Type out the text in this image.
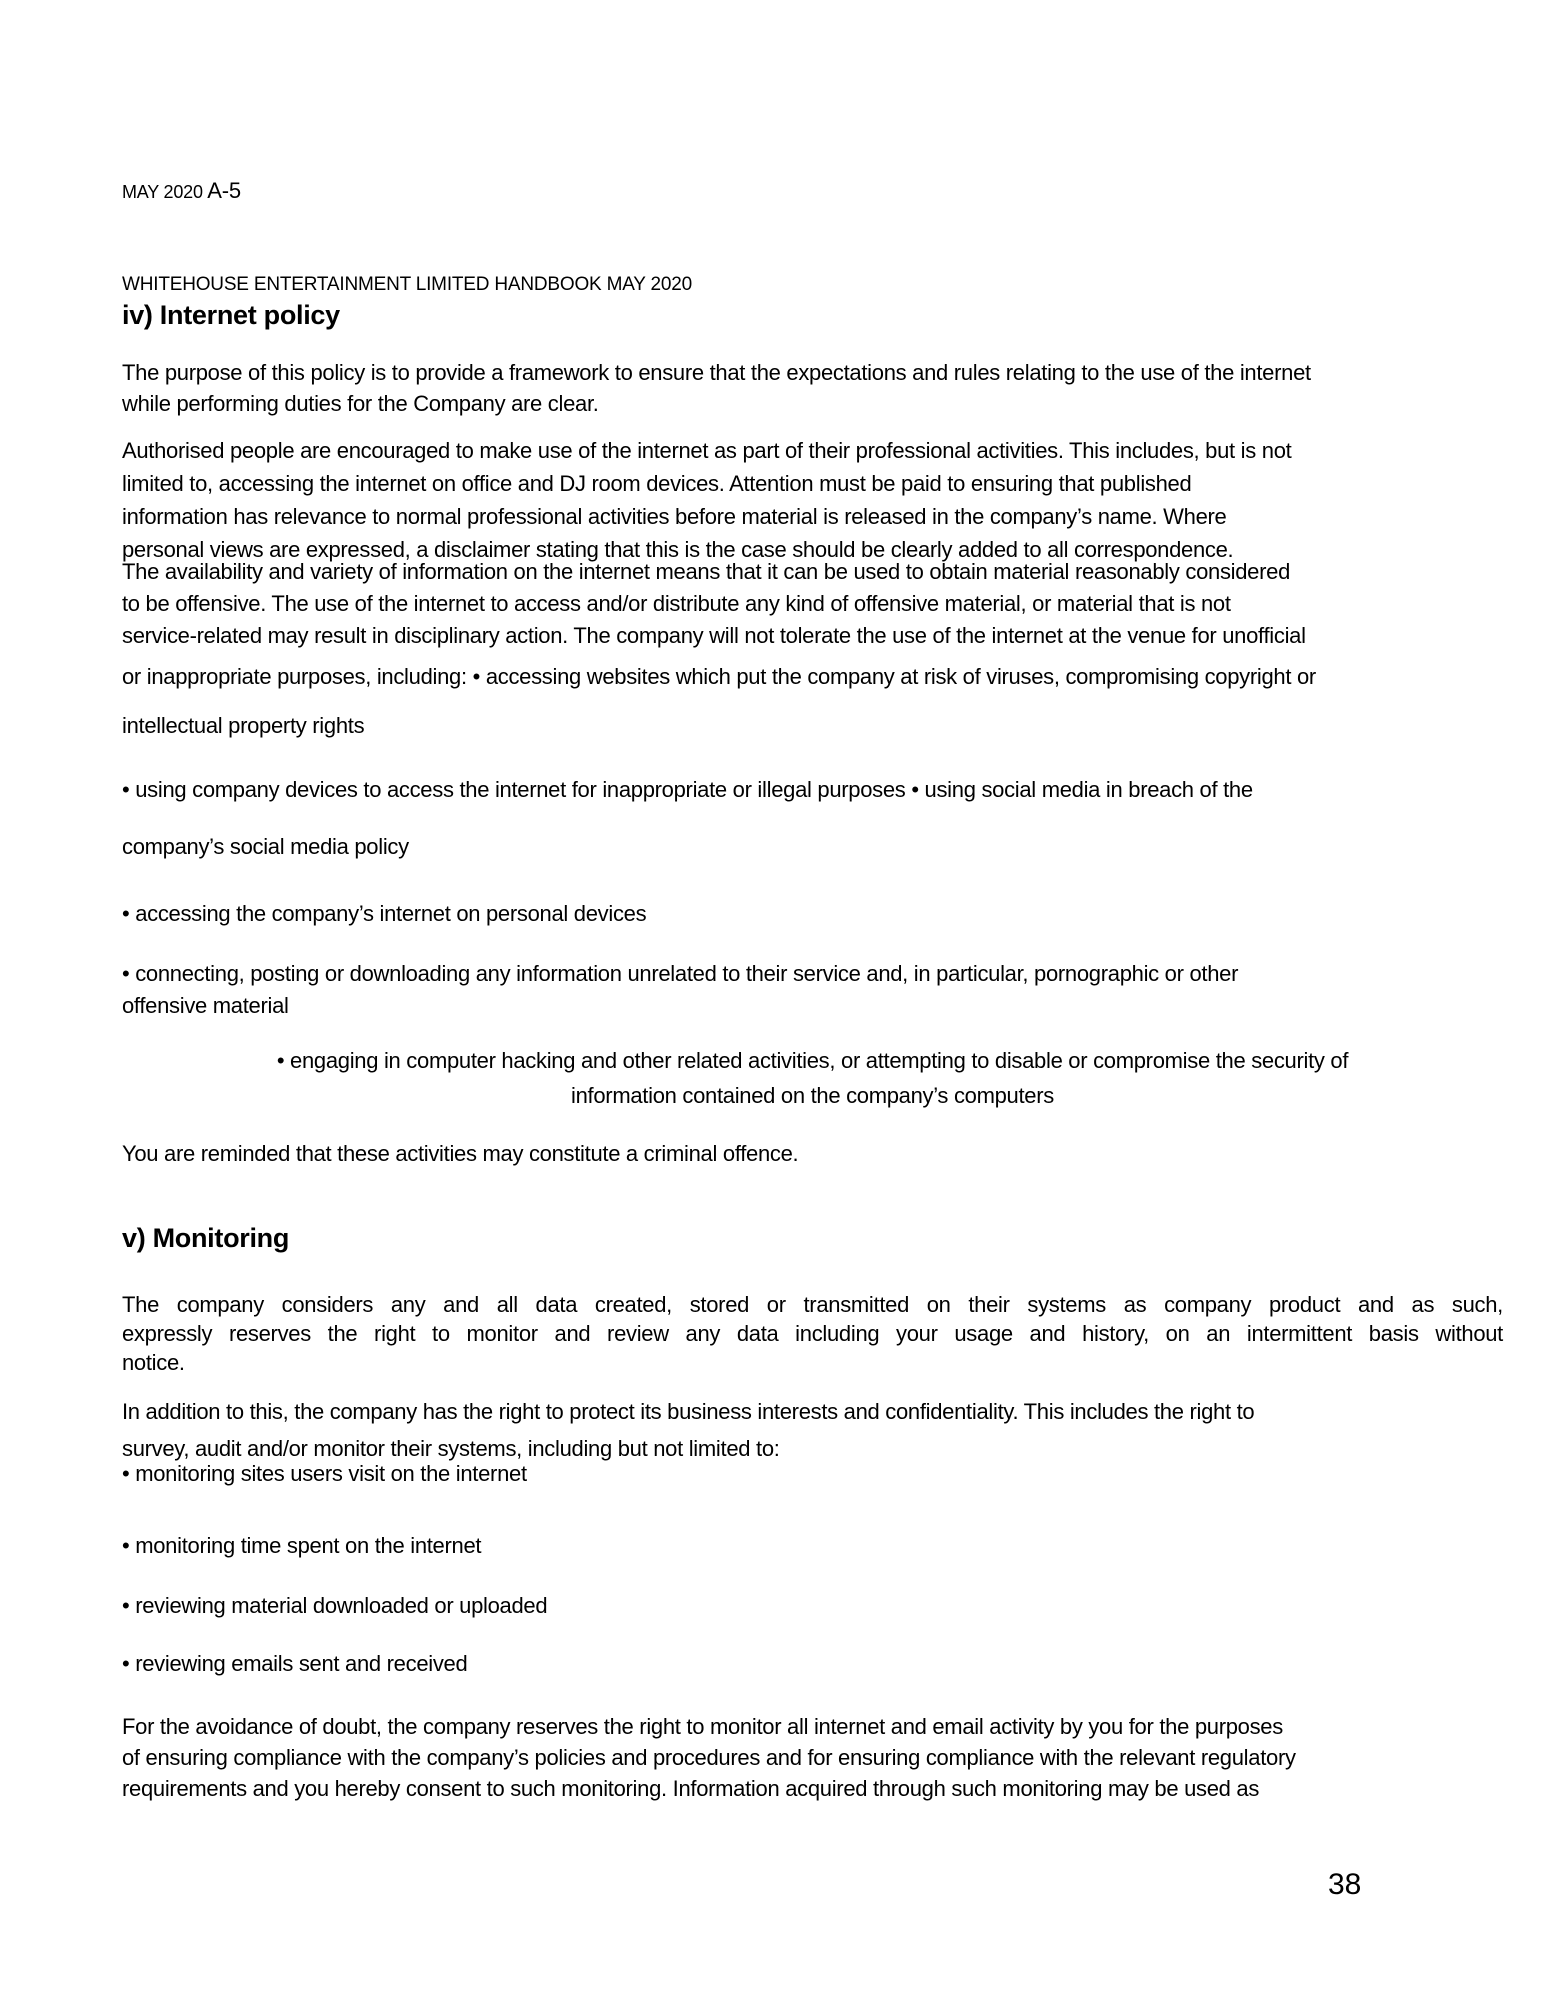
MAY 2020 A-5
WHITEHOUSE ENTERTAINMENT LIMITED HANDBOOK MAY 2020
iv) Internet policy
The purpose of this policy is to provide a framework to ensure that the expectations and rules relating to the use of the internet
while performing duties for the Company are clear.
Authorised people are encouraged to make use of the internet as part of their professional activities. This includes, but is not
limited to, accessing the internet on office and DJ room devices. Attention must be paid to ensuring that published
information has relevance to normal professional activities before material is released in the company’s name. Where
personal views are expressed, a disclaimer stating that this is the case should be clearly added to all correspondence.
The availability and variety of information on the internet means that it can be used to obtain material reasonably considered
to be offensive. The use of the internet to access and/or distribute any kind of offensive material, or material that is not
service-related may result in disciplinary action. The company will not tolerate the use of the internet at the venue for unofficial
or inappropriate purposes, including: • accessing websites which put the company at risk of viruses, compromising copyright or
intellectual property rights
• using company devices to access the internet for inappropriate or illegal purposes • using social media in breach of the
company’s social media policy
• accessing the company’s internet on personal devices
• connecting, posting or downloading any information unrelated to their service and, in particular, pornographic or other
offensive material
• engaging in computer hacking and other related activities, or attempting to disable or compromise the security of
information contained on the company’s computers
You are reminded that these activities may constitute a criminal offence.
v) Monitoring
The company considers any and all data created, stored or transmitted on their systems as company product and as such,
expressly reserves the right to monitor and review any data including your usage and history, on an intermittent basis without
notice.
In addition to this, the company has the right to protect its business interests and confidentiality. This includes the right to
survey, audit and/or monitor their systems, including but not limited to:
• monitoring sites users visit on the internet
• monitoring time spent on the internet
• reviewing material downloaded or uploaded
• reviewing emails sent and received
For the avoidance of doubt, the company reserves the right to monitor all internet and email activity by you for the purposes
of ensuring compliance with the company’s policies and procedures and for ensuring compliance with the relevant regulatory
requirements and you hereby consent to such monitoring. Information acquired through such monitoring may be used as
38
